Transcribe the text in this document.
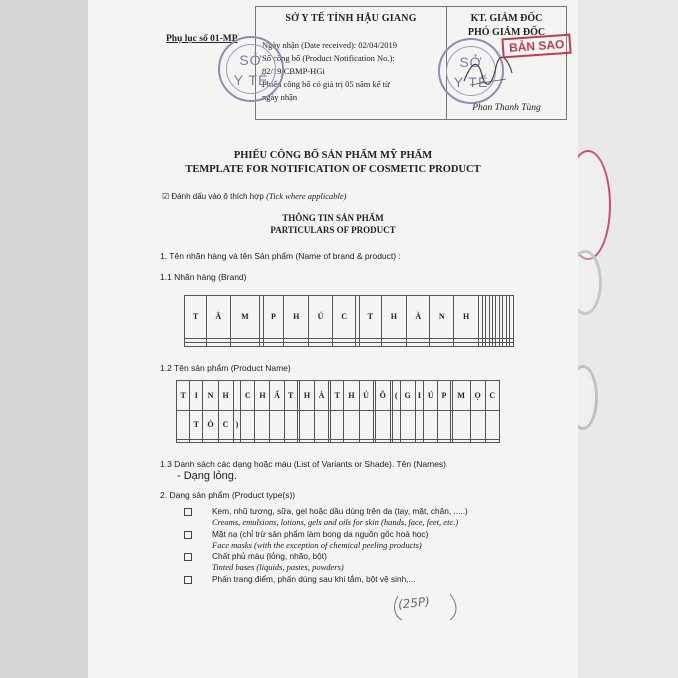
Phụ lục số 01-MP
SỞ Y TẾ TỈNH HẬU GIANG
Ngày nhận (Date received): 02/04/2019
Số công bố (Product Notification No.):
82/19/CBMP-HGi
Phiếu công bố có giá trị 05 năm kể từ
ngày nhận
KT. GIÁM ĐỐC
PHÓ GIÁM ĐỐC
Phan Thanh Tùng
SỞ
Y TẾ
SỞ
Y TẾ
BẢN SAO
PHIẾU CÔNG BỐ SẢN PHẨM MỸ PHẨM
TEMPLATE FOR NOTIFICATION OF COSMETIC PRODUCT
☑ Đánh dấu vào ô thích hợp (Tick where applicable)
THÔNG TIN SẢN PHẨM
PARTICULARS OF PRODUCT
1. Tên nhãn hàng và tên Sản phẩm (Name of brand & product) :
1.1 Nhãn hàng (Brand)
T	Â	M		P	H	Ú	C		T	H	À	N	H										

1.2 Tên sản phẩm (Product Name)
T	I	N	H		C	H	Ấ	T		H	À		T	H	Ủ		Ô		(	G	I	Ú	P		M	Ọ	C
	T	Ó	C	)																							

1.3 Danh sách các dạng hoặc màu (List of Variants or Shade). Tên (Names)
- Dạng lỏng.
2. Dạng sản phẩm (Product type(s))
Kem, nhũ tương, sữa, gel hoặc dầu dùng trên da (tay, mặt, chân, .....)
Creams, emulsions, lotions, gels and oils for skin (hands, face, feet, etc.)
Mặt nạ (chỉ trừ sản phẩm làm bong da nguồn gốc hoá học)
Face masks (with the exception of chemical peeling products)
Chất phủ màu (lỏng, nhão, bột)
Tinted bases (liquids, pastes, powders)
Phấn trang điểm, phấn dùng sau khi tắm, bột vệ sinh,...
(25P)
